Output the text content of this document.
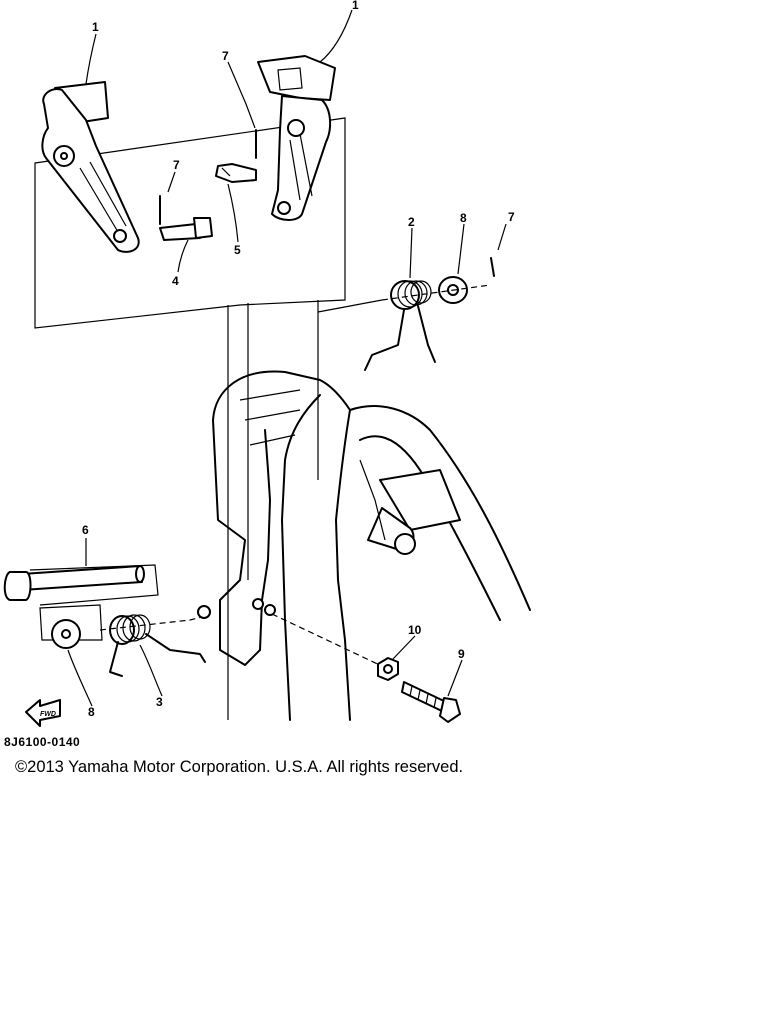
1
1
7
7
7
4
5
2	8
6
3
8
10
9
FWD
8J6100-0140
©2013 Yamaha Motor Corporation. U.S.A. All rights reserved.
